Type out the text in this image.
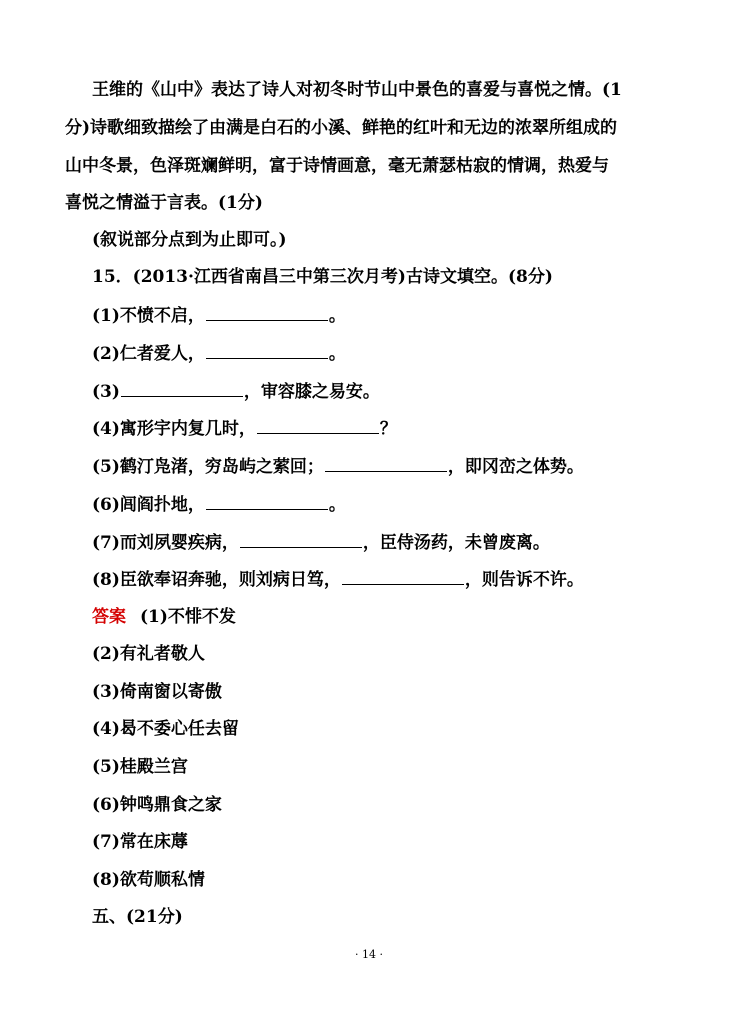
王维的《山中》表达了诗人对初冬时节山中景色的喜爱与喜悦之情。(1
分)诗歌细致描绘了由满是白石的小溪、鲜艳的红叶和无边的浓翠所组成的
山中冬景，色泽斑斓鲜明，富于诗情画意，毫无萧瑟枯寂的情调，热爱与
喜悦之情溢于言表。(1分)
(叙说部分点到为止即可。)
15．(2013·江西省南昌三中第三次月考)古诗文填空。(8分)
(1)不愤不启，	。
(2)仁者爱人，	。
(3)	，审容膝之易安。
(4)寓形宇内复几时，	？
(5)鹤汀凫渚，穷岛屿之萦回；	，即冈峦之体势。
(6)闾阎扑地，	。
(7)而刘夙婴疾病，	，臣侍汤药，未曾废离。
(8)臣欲奉诏奔驰，则刘病日笃，	，则告诉不许。
答案 (1)不悱不发
(2)有礼者敬人
(3)倚南窗以寄傲
(4)曷不委心任去留
(5)桂殿兰宫
(6)钟鸣鼎食之家
(7)常在床蓐
(8)欲苟顺私情
五、(21分)
· 14 ·
